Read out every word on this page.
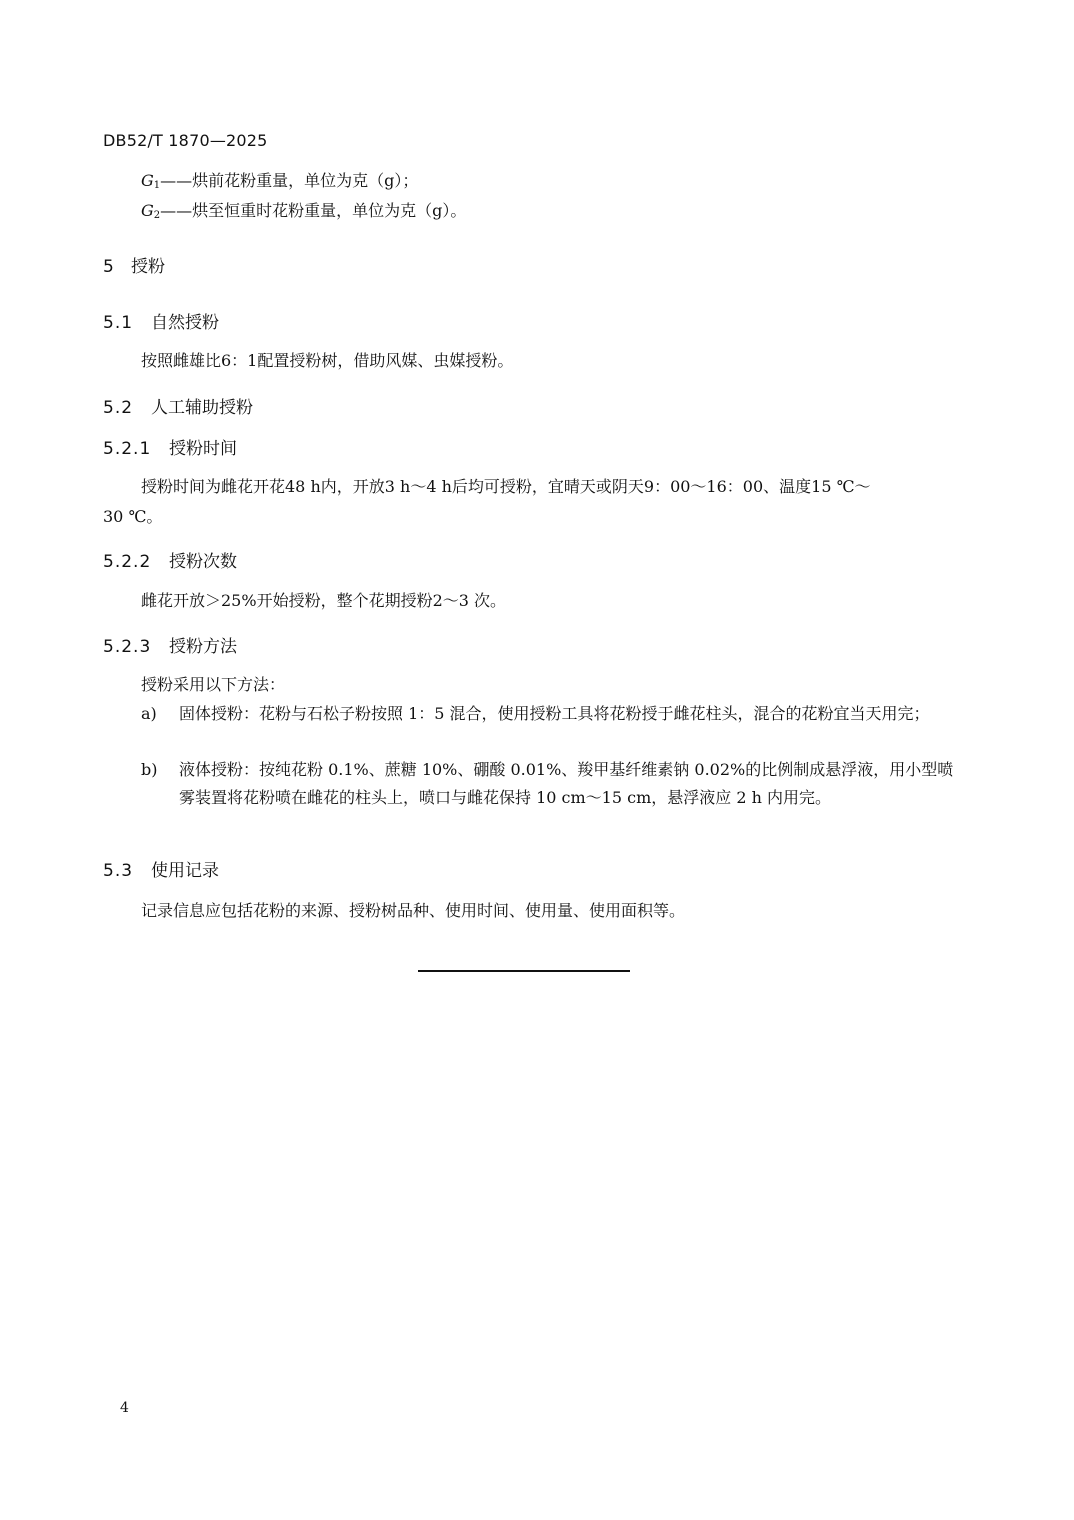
DB52/T 1870—2025
$G_1——$烘前花粉重量，单位为克（g）；
$G_2——$烘至恒重时花粉重量，单位为克（g）。
5 授粉
5.1 自然授粉
按照雌雄比6：1配置授粉树，借助风媒、虫媒授粉。
5.2 人工辅助授粉
5.2.1 授粉时间
授粉时间为雌花开花48 h内，开放3 h～4 h后均可授粉，宜晴天或阴天9：00～16：00、温度15 ℃～
30 ℃。
5.2.2 授粉次数
雌花开放＞25%开始授粉，整个花期授粉2～3 次。
5.2.3 授粉方法
授粉采用以下方法：
a) 固体授粉：花粉与石松子粉按照 1：5 混合，使用授粉工具将花粉授于雌花柱头，混合的花粉宜当天用完；
b) 液体授粉：按纯花粉 0.1%、蔗糖 10%、硼酸 0.01%、羧甲基纤维素钠 0.02%的比例制成悬浮液，用小型喷雾装置将花粉喷在雌花的柱头上，喷口与雌花保持 10 cm～15 cm，悬浮液应 2 h 内用完。
5.3 使用记录
记录信息应包括花粉的来源、授粉树品种、使用时间、使用量、使用面积等。
4
